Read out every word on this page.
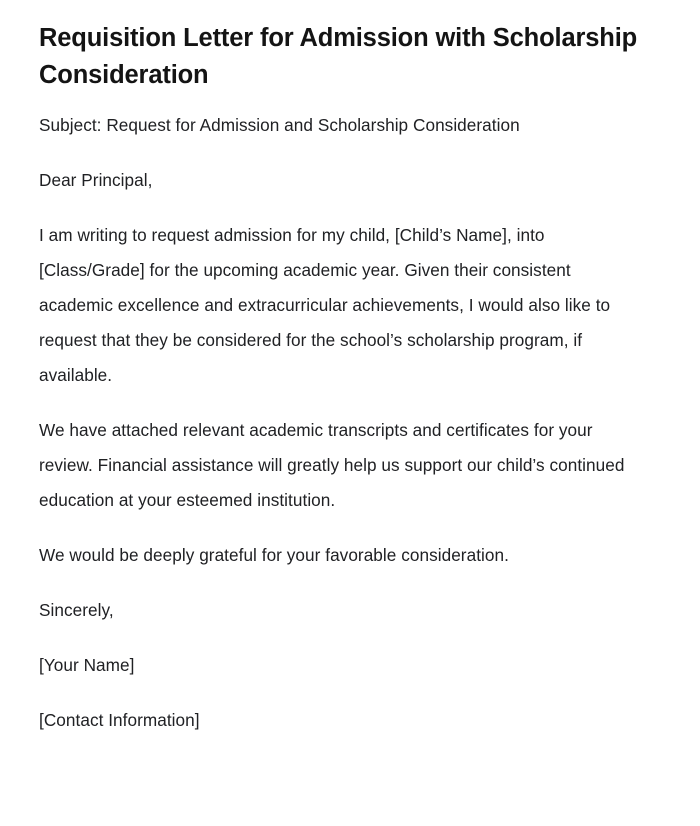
Requisition Letter for Admission with Scholarship Consideration

Subject: Request for Admission and Scholarship Consideration

Dear Principal,

I am writing to request admission for my child, [Child’s Name], into [Class/Grade] for the upcoming academic year. Given their consistent academic excellence and extracurricular achievements, I would also like to request that they be considered for the school’s scholarship program, if available.

We have attached relevant academic transcripts and certificates for your review. Financial assistance will greatly help us support our child’s continued education at your esteemed institution.

We would be deeply grateful for your favorable consideration.

Sincerely,

[Your Name]

[Contact Information]
